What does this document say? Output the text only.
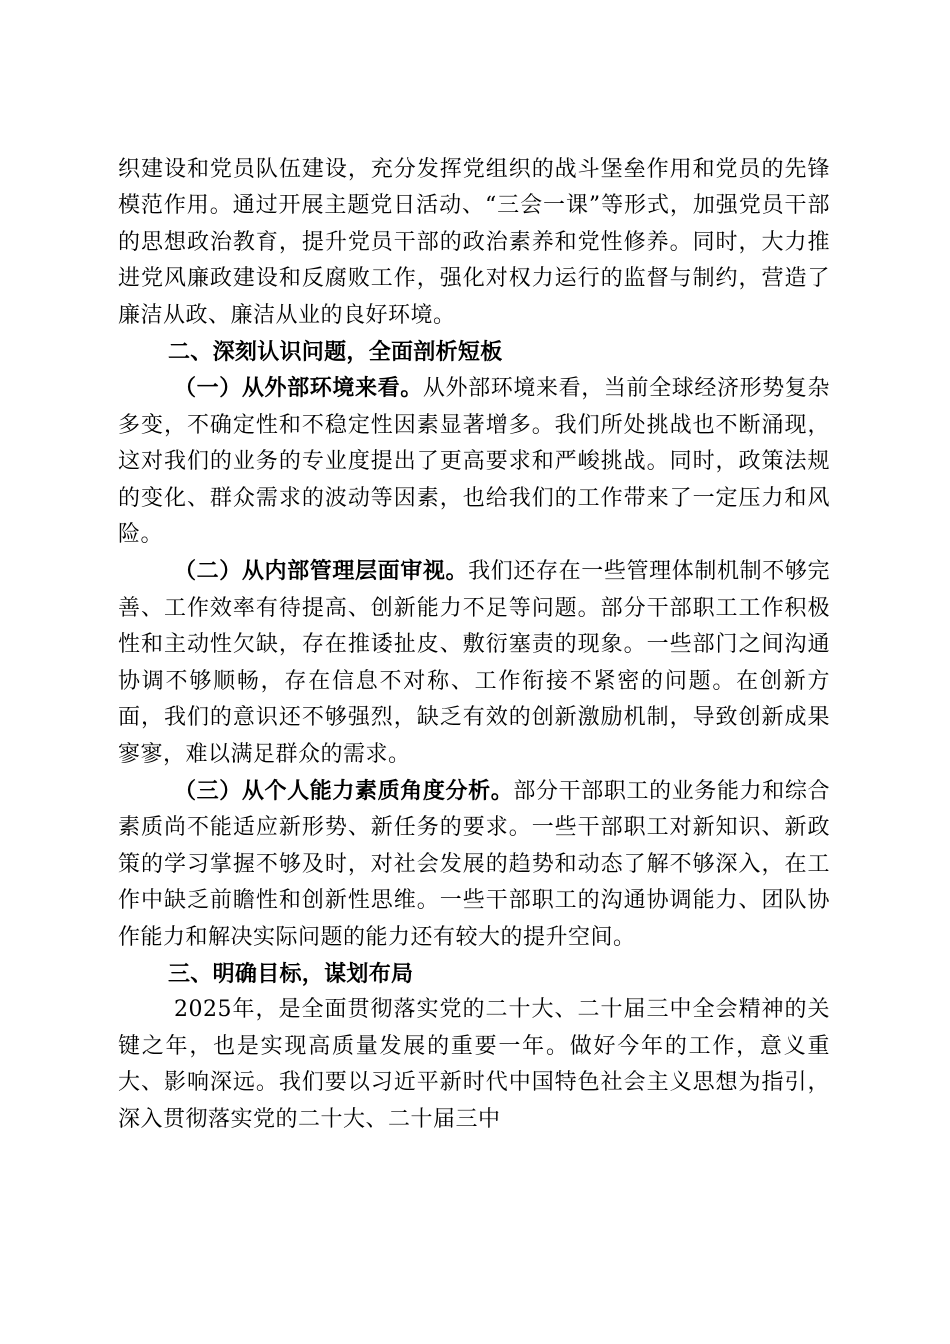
织建设和党员队伍建设，充分发挥党组织的战斗堡垒作用和党员的先锋模范作用。通过开展主题党日活动、“三会一课”等形式，加强党员干部的思想政治教育，提升党员干部的政治素养和党性修养。同时，大力推进党风廉政建设和反腐败工作，强化对权力运行的监督与制约，营造了廉洁从政、廉洁从业的良好环境。

二、深刻认识问题，全面剖析短板

（一）从外部环境来看。从外部环境来看，当前全球经济形势复杂多变，不确定性和不稳定性因素显著增多。我们所处挑战也不断涌现，这对我们的业务的专业度提出了更高要求和严峻挑战。同时，政策法规的变化、群众需求的波动等因素，也给我们的工作带来了一定压力和风险。

（二）从内部管理层面审视。我们还存在一些管理体制机制不够完善、工作效率有待提高、创新能力不足等问题。部分干部职工工作积极性和主动性欠缺，存在推诿扯皮、敷衍塞责的现象。一些部门之间沟通协调不够顺畅，存在信息不对称、工作衔接不紧密的问题。在创新方面，我们的意识还不够强烈，缺乏有效的创新激励机制，导致创新成果寥寥，难以满足群众的需求。

（三）从个人能力素质角度分析。部分干部职工的业务能力和综合素质尚不能适应新形势、新任务的要求。一些干部职工对新知识、新政策的学习掌握不够及时，对社会发展的趋势和动态了解不够深入，在工作中缺乏前瞻性和创新性思维。一些干部职工的沟通协调能力、团队协作能力和解决实际问题的能力还有较大的提升空间。

三、明确目标，谋划布局

2025年，是全面贯彻落实党的二十大、二十届三中全会精神的关键之年，也是实现高质量发展的重要一年。做好今年的工作，意义重大、影响深远。我们要以习近平新时代中国特色社会主义思想为指引，深入贯彻落实党的二十大、二十届三中
